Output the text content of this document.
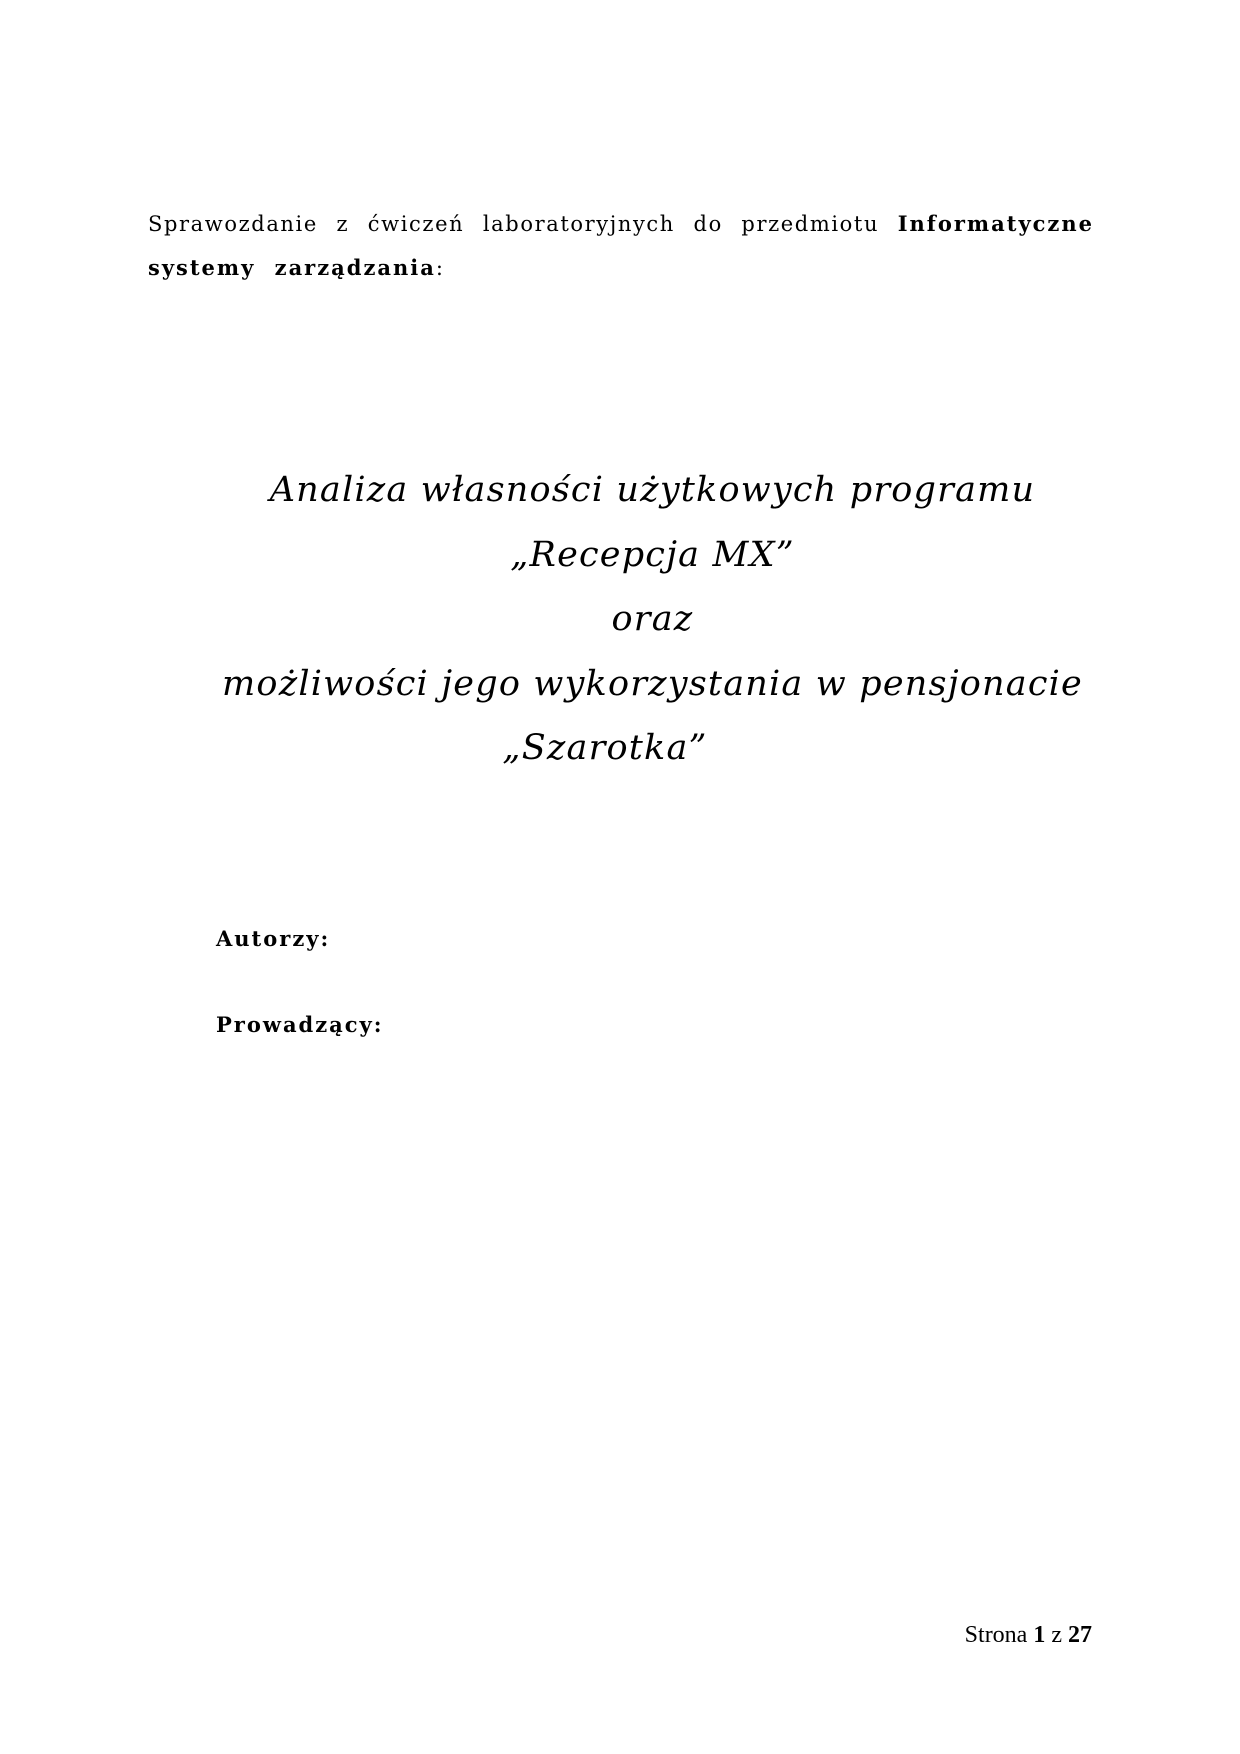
Sprawozdanie z ćwiczeń laboratoryjnych do przedmiotu Informatyczne systemy zarządzania:

Analiza własności użytkowych programu
„Recepcja MX”
oraz
możliwości jego wykorzystania w pensjonacie
„Szarotka”
Autorzy:
Prowadzący:
Strona 1 z 27
